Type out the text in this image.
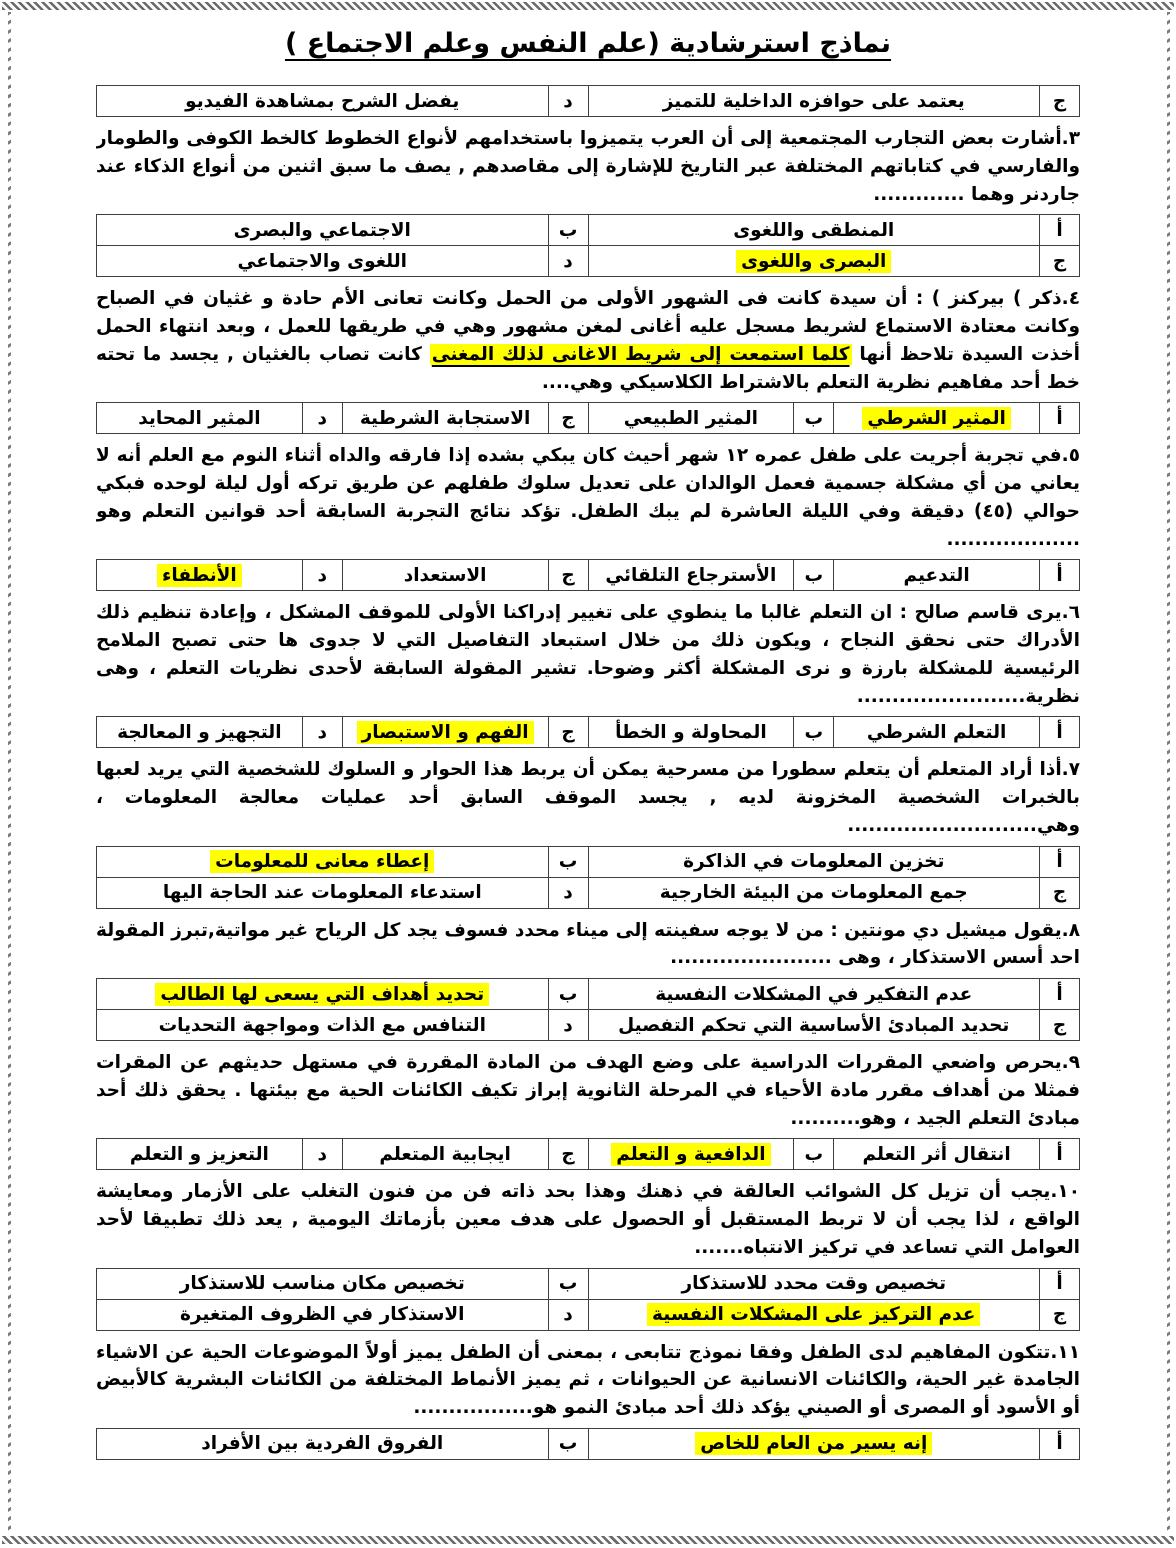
نماذج استرشادية (علم النفس وعلم الاجتماع )
ج	يعتمد على حوافزه الداخلية للتميز	د	يفضل الشرح بمشاهدة الفيديو

٣.أشارت بعض التجارب المجتمعية إلى أن العرب يتميزوا باستخدامهم لأنواع الخطوط كالخط الكوفى والطومار والفارسي في كتاباتهم المختلفة عبر التاريخ للإشارة إلى مقاصدهم , يصف ما سبق اثنين من أنواع الذكاء عند جاردنر وهما .............

أ	المنطقى واللغوى	ب	الاجتماعي والبصرى
ج	البصرى واللغوى	د	اللغوى والاجتماعي

٤.ذكر ) بيركنز ) : أن سيدة كانت فى الشهور الأولى من الحمل وكانت تعانى الأم حادة و غثيان في الصباح وكانت معتادة الاستماع لشريط مسجل عليه أغانى لمغن مشهور وهي في طريقها للعمل ، وبعد انتهاء الحمل أخذت السيدة تلاحظ أنها كلما استمعت إلى شريط الاغانى لذلك المغنى كانت تصاب بالغثيان , يجسد ما تحته خط أحد مفاهيم نظرية التعلم بالاشتراط الكلاسيكي وهي....

أ	المثير الشرطي	ب	المثير الطبيعي	ج	الاستجابة الشرطية	د	المثير المحايد

٥.في تجربة أجريت على طفل عمره ١٢ شهر أحيث كان يبكي بشده إذا فارقه والداه أثناء النوم مع العلم أنه لا يعاني من أي مشكلة جسمية فعمل الوالدان على تعديل سلوك طفلهم عن طريق تركه أول ليلة لوحده فبكي حوالي (٤٥) دقيقة وفي الليلة العاشرة لم يبك الطفل. تؤكد نتائج التجربة السابقة أحد قوانين التعلم وهو ...................

أ	التدعيم	ب	الأسترجاع التلقائي	ج	الاستعداد	د	الأنطفاء

٦.يرى قاسم صالح : ان التعلم غالبا ما ينطوي على تغيير إدراكنا الأولى للموقف المشكل ، وإعادة تنظيم ذلك الأدراك حتى نحقق النجاح ، ويكون ذلك من خلال استبعاد التفاصيل التي لا جدوى ها حتى تصبح الملامح الرئيسية للمشكلة بارزة و نرى المشكلة أكثر وضوحا. تشير المقولة السابقة لأحدى نظريات التعلم ، وهى نظرية........................

أ	التعلم الشرطي	ب	المحاولة و الخطأ	ج	الفهم و الاستبصار	د	التجهيز و المعالجة

٧.أذا أراد المتعلم أن يتعلم سطورا من مسرحية يمكن أن يربط هذا الحوار و السلوك للشخصية التي يريد لعبها بالخبرات الشخصية المخزونة لديه , يجسد الموقف السابق أحد عمليات معالجة المعلومات ، وهي...........................

أ	تخزين المعلومات في الذاكرة	ب	إعطاء معانى للمعلومات
ج	جمع المعلومات من البيئة الخارجية	د	استدعاء المعلومات عند الحاجة اليها

٨.يقول ميشيل دي مونتين : من لا يوجه سفينته إلى ميناء محدد فسوف يجد كل الرياح غير مواتية,تبرز المقولة احد أسس الاستذكار ، وهى .......................

أ	عدم التفكير في المشكلات النفسية	ب	تحديد أهداف التي يسعى لها الطالب
ج	تحديد المبادئ الأساسية التي تحكم التفصيل	د	التنافس مع الذات ومواجهة التحديات

٩.يحرص واضعي المقررات الدراسية على وضع الهدف من المادة المقررة في مستهل حديثهم عن المقرات فمثلا من أهداف مقرر مادة الأحياء في المرحلة الثانوية إبراز تكيف الكائنات الحية مع بيئتها . يحقق ذلك أحد مبادئ التعلم الجيد ، وهو..........

أ	انتقال أثر التعلم	ب	الدافعية و التعلم	ج	ايجابية المتعلم	د	التعزيز و التعلم

١٠.يجب أن تزيل كل الشوائب العالقة في ذهنك وهذا بحد ذاته فن من فنون التغلب على الأزمار ومعايشة الواقع ، لذا يجب أن لا تربط المستقبل أو الحصول على هدف معين بأزماتك اليومية , يعد ذلك تطبيقا لأحد العوامل التي تساعد في تركيز الانتباه.......

أ	تخصيص وقت محدد للاستذكار	ب	تخصيص مكان مناسب للاستذكار
ج	عدم التركيز على المشكلات النفسية	د	الاستذكار في الظروف المتغيرة

١١.تتكون المفاهيم لدى الطفل وفقا نموذج تتابعى ، بمعنى أن الطفل يميز أولاً الموضوعات الحية عن الاشياء الجامدة غير الحية، والكائنات الانسانية عن الحيوانات ، ثم يميز الأنماط المختلفة من الكائنات البشرية كالأبيض أو الأسود أو المصرى أو الصيني يؤكد ذلك أحد مبادئ النمو هو.................

أ	إنه يسير من العام للخاص	ب	الفروق الفردية بين الأفراد
